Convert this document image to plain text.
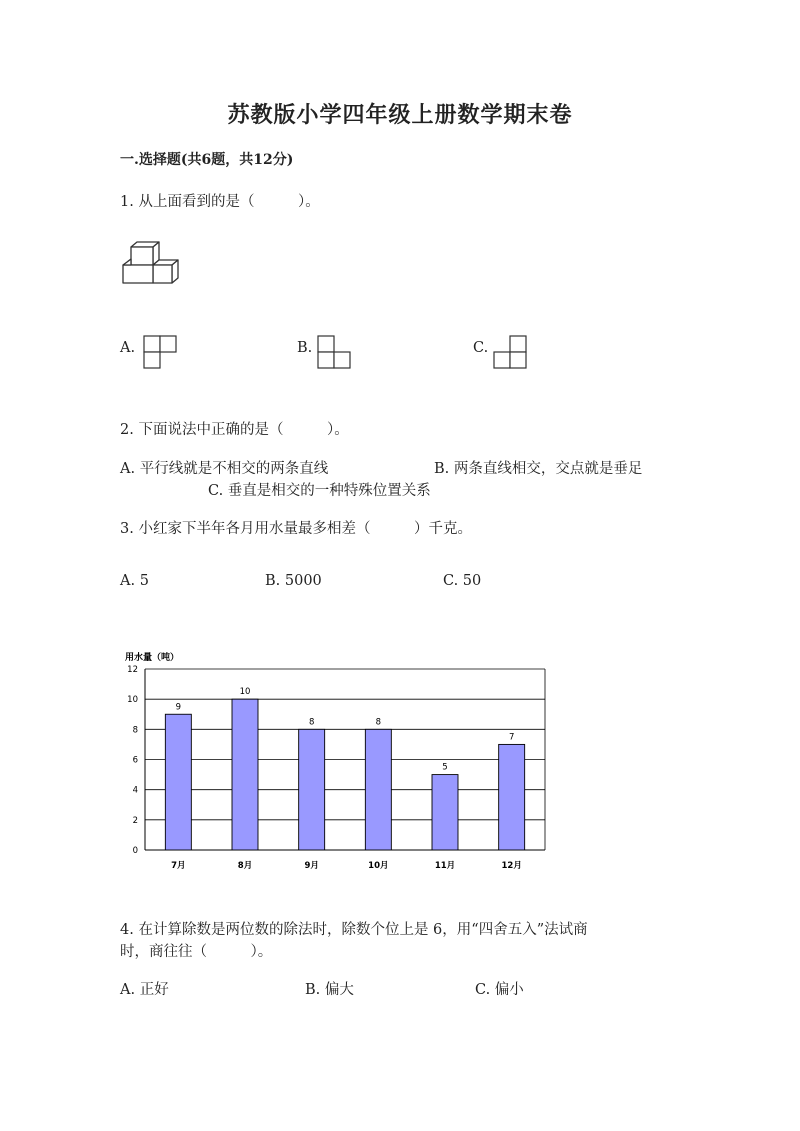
苏教版小学四年级上册数学期末卷
一.选择题(共6题，共12分)
1. 从上面看到的是（　　　）。
A.	B.	C.
2. 下面说法中正确的是（　　　）。
A. 平行线就是不相交的两条直线	B. 两条直线相交，交点就是垂足
C. 垂直是相交的一种特殊位置关系
3. 小红家下半年各月用水量最多相差（　　　）千克。
A. 5	B. 5000	C. 50
用水量（吨）
0
2
4
6
8
10
12
9
7月
10
8月
8
9月
8
10月
5
11月
7
12月
4. 在计算除数是两位数的除法时，除数个位上是 6，用“四舍五入”法试商
时，商往往（　　　）。
A. 正好	B. 偏大	C. 偏小
